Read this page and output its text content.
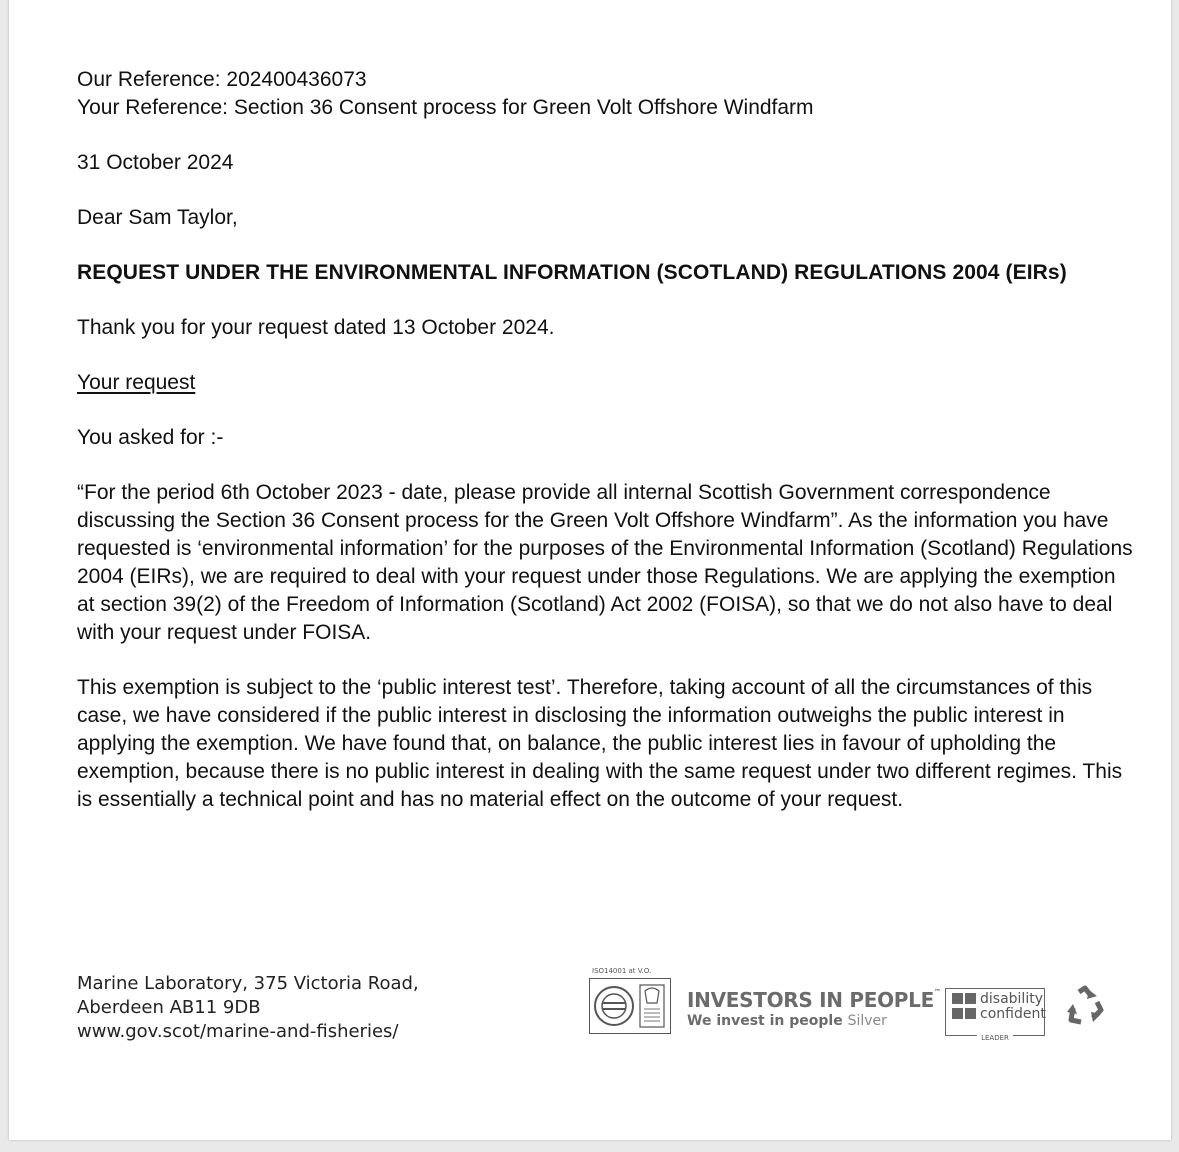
Our Reference: 202400436073

Your Reference: Section 36 Consent process for Green Volt Offshore Windfarm

31 October 2024

Dear Sam Taylor,

REQUEST UNDER THE ENVIRONMENTAL INFORMATION (SCOTLAND) REGULATIONS 2004 (EIRs)

Thank you for your request dated 13 October 2024.

Your request

You asked for :-

“For the period 6th October 2023 - date, please provide all internal Scottish Government correspondence discussing the Section 36 Consent process for the Green Volt Offshore Windfarm”. As the information you have requested is ‘environmental information’ for the purposes of the Environmental Information (Scotland) Regulations 2004 (EIRs), we are required to deal with your request under those Regulations. We are applying the exemption at section 39(2) of the Freedom of Information (Scotland) Act 2002 (FOISA), so that we do not also have to deal with your request under FOISA.

This exemption is subject to the ‘public interest test’. Therefore, taking account of all the circumstances of this case, we have considered if the public interest in disclosing the information outweighs the public interest in applying the exemption. We have found that, on balance, the public interest lies in favour of upholding the exemption, because there is no public interest in dealing with the same request under two different regimes. This is essentially a technical point and has no material effect on the outcome of your request.

Marine Laboratory, 375 Victoria Road,
Aberdeen AB11 9DB
www.gov.scot/marine-and-fisheries/
ISO14001 at V.O.
INVESTORS IN PEOPLE™
We invest in people Silver
disability
confident
LEADER
